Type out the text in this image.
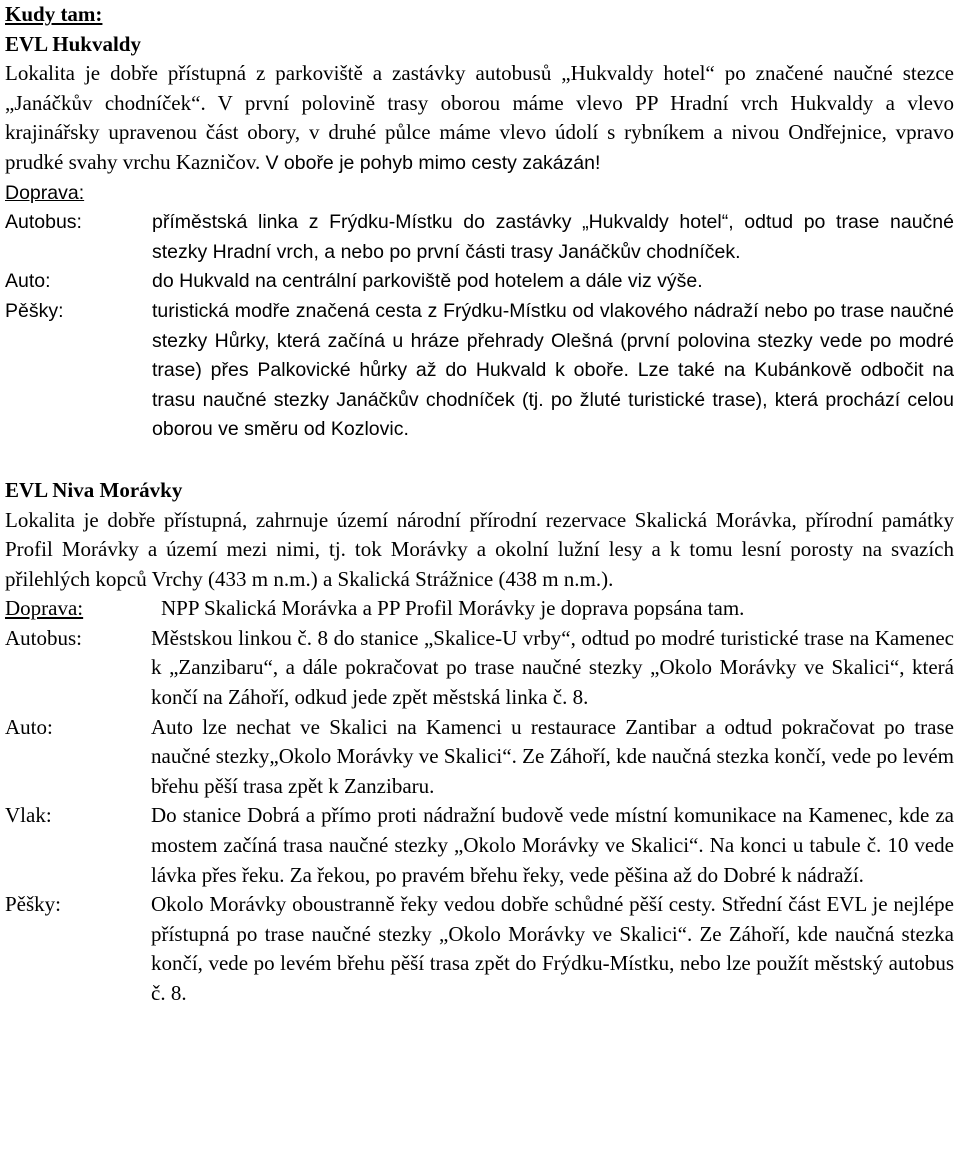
Kudy tam:

EVL Hukvaldy

Lokalita je dobře přístupná z parkoviště a zastávky autobusů „Hukvaldy hotel“ po značené naučné stezce „Janáčkův chodníček“. V první polovině trasy oborou máme vlevo PP Hradní vrch Hukvaldy a vlevo krajinářsky upravenou část obory, v druhé půlce máme vlevo údolí s rybníkem a nivou Ondřejnice, vpravo prudké svahy vrchu Kazničov. V oboře je pohyb mimo cesty zakázán!

Doprava:

Autobus:	příměstská linka z Frýdku-Místku do zastávky „Hukvaldy hotel“, odtud po trase naučné stezky Hradní vrch, a nebo po první části trasy Janáčkův chodníček.
Auto:	do Hukvald na centrální parkoviště pod hotelem a dále viz výše.
Pěšky:	turistická modře značená cesta z Frýdku-Místku od vlakového nádraží nebo po trase naučné stezky Hůrky, která začíná u hráze přehrady Olešná (první polovina stezky vede po modré trase) přes Palkovické hůrky až do Hukvald k oboře. Lze také na Kubánkově odbočit na trasu naučné stezky Janáčkův chodníček (tj. po žluté turistické trase), která prochází celou oborou ve směru od Kozlovic.

EVL Niva Morávky

Lokalita je dobře přístupná, zahrnuje území národní přírodní rezervace Skalická Morávka, přírodní památky Profil Morávky a území mezi nimi, tj. tok Morávky a okolní lužní lesy a k tomu lesní porosty na svazích přilehlých kopců Vrchy (433 m n.m.) a Skalická Strážnice (438 m n.m.).

Doprava:	NPP Skalická Morávka a PP Profil Morávky je doprava popsána tam.
Autobus:	Městskou linkou č. 8 do stanice „Skalice-U vrby“, odtud po modré turistické trase na Kamenec k „Zanzibaru“, a dále pokračovat po trase naučné stezky „Okolo Morávky ve Skalici“, která končí na Záhoří, odkud jede zpět městská linka č. 8.
Auto:	Auto lze nechat ve Skalici na Kamenci u restaurace Zantibar a odtud pokračovat po trase naučné stezky„Okolo Morávky ve Skalici“. Ze Záhoří, kde naučná stezka končí, vede po levém břehu pěší trasa zpět k Zanzibaru.
Vlak:	Do stanice Dobrá a přímo proti nádražní budově vede místní komunikace na Kamenec, kde za mostem začíná trasa naučné stezky „Okolo Morávky ve Skalici“. Na konci u tabule č. 10 vede lávka přes řeku. Za řekou, po pravém břehu řeky, vede pěšina až do Dobré k nádraží.
Pěšky:	Okolo Morávky oboustranně řeky vedou dobře schůdné pěší cesty. Střední část EVL je nejlépe přístupná po trase naučné stezky „Okolo Morávky ve Skalici“. Ze Záhoří, kde naučná stezka končí, vede po levém břehu pěší trasa zpět do Frýdku-Místku, nebo lze použít městský autobus č. 8.
